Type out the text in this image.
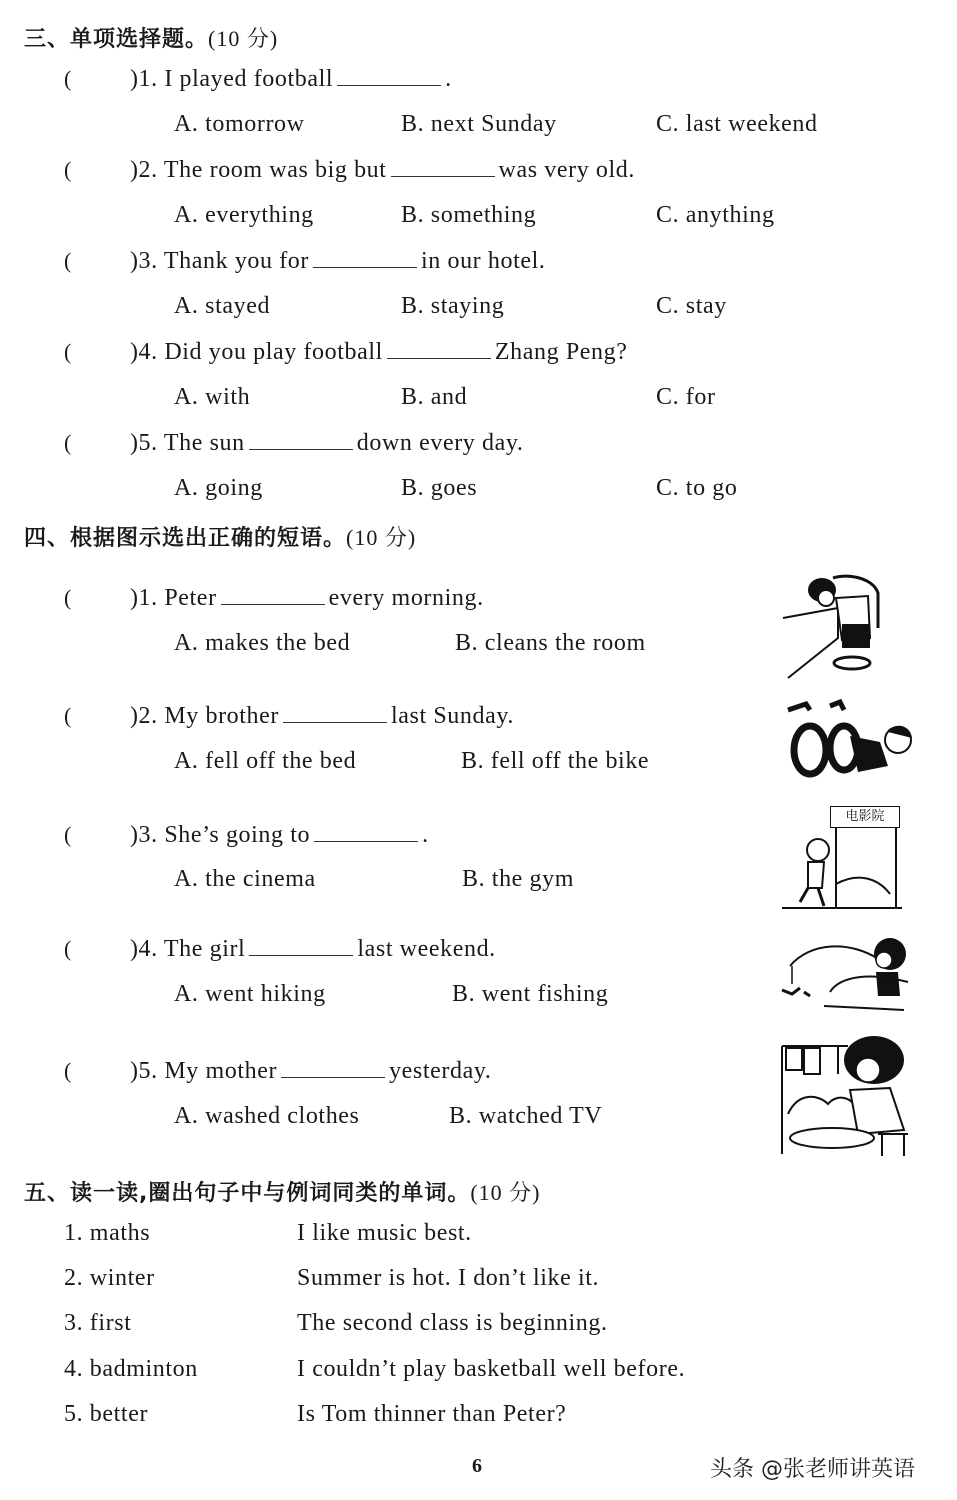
三、单项选择题。(10 分)
( )1. I played football	.
A. tomorrow	B. next Sunday	C. last weekend
( )2. The room was big but	was very old.
A. everything	B. something	C. anything
( )3. Thank you for	in our hotel.
A. stayed	B. staying	C. stay
( )4. Did you play football	Zhang Peng?
A. with	B. and	C. for
( )5. The sun	down every day.
A. going	B. goes	C. to go
四、根据图示选出正确的短语。(10 分)
( )1. Peter	every morning.
A. makes the bed	B. cleans the room
( )2. My brother	last Sunday.
A. fell off the bed	B. fell off the bike
( )3. She’s going to	.
A. the cinema	B. the gym
( )4. The girl	last weekend.
A. went hiking	B. went fishing
( )5. My mother	yesterday.
A. washed clothes	B. watched TV
电影院
五、读一读,圈出句子中与例词同类的单词。(10 分)
1. maths	I like music best.
2. winter	Summer is hot. I don’t like it.
3. first	The second class is beginning.
4. badminton	I couldn’t play basketball well before.
5. better	Is Tom thinner than Peter?
6	头条 @张老师讲英语
